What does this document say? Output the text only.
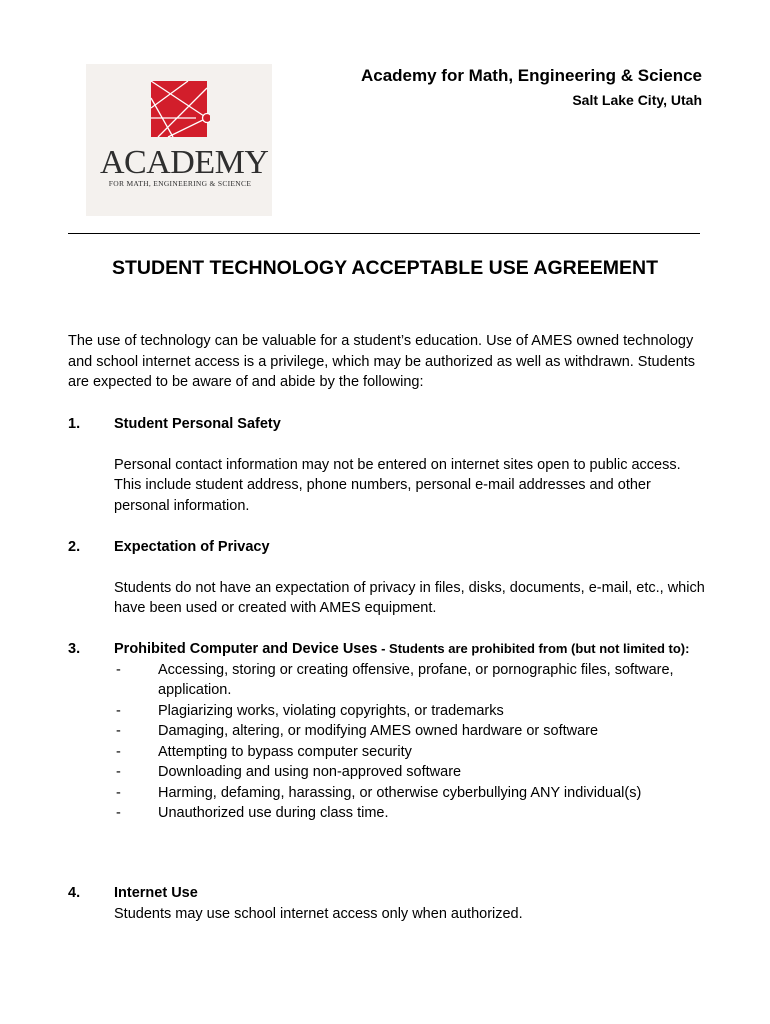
ACADEMY
FOR MATH, ENGINEERING & SCIENCE
Academy for Math, Engineering & Science
Salt Lake City, Utah
STUDENT TECHNOLOGY ACCEPTABLE USE AGREEMENT
The use of technology can be valuable for a student’s education. Use of AMES owned technology and school internet access is a privilege, which may be authorized as well as withdrawn. Students are expected to be aware of and abide by the following:
1. Student Personal Safety
Personal contact information may not be entered on internet sites open to public access. This include student address, phone numbers, personal e-mail addresses and other personal information.
2. Expectation of Privacy
Students do not have an expectation of privacy in files, disks, documents, e-mail, etc., which have been used or created with AMES equipment.
3. Prohibited Computer and Device Uses - Students are prohibited from (but not limited to):
-	Accessing, storing or creating offensive, profane, or pornographic files, software, application.
-	Plagiarizing works, violating copyrights, or trademarks
-	Damaging, altering, or modifying AMES owned hardware or software
-	Attempting to bypass computer security
-	Downloading and using non-approved software
-	Harming, defaming, harassing, or otherwise cyberbullying ANY individual(s)
-	Unauthorized use during class time.
4. Internet Use
Students may use school internet access only when authorized.
